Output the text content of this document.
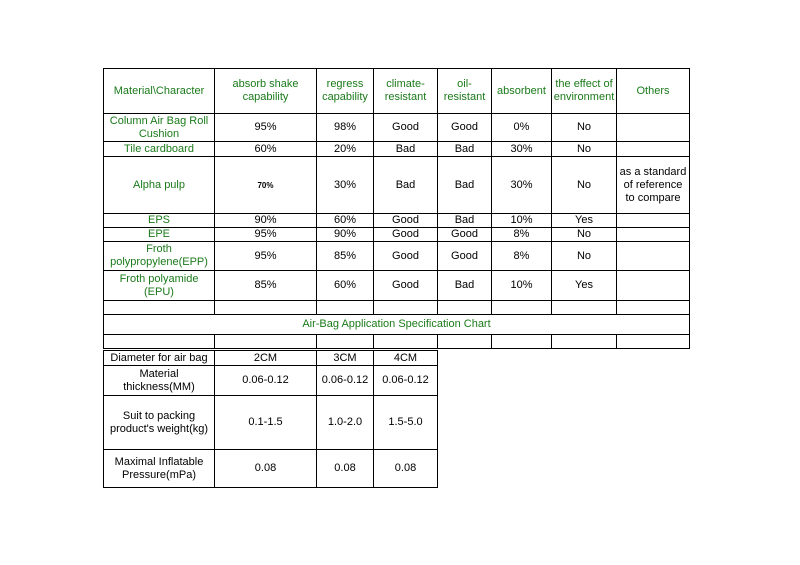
Material\Character	absorb shake capability	regress capability	climate-resistant	oil-resistant	absorbent	the effect of environment	Others
Column Air Bag Roll Cushion	95%	98%	Good	Good	0%	No	
Tile cardboard	60%	20%	Bad	Bad	30%	No	
Alpha pulp	70%	30%	Bad	Bad	30%	No	as a standard of reference to compare
EPS	90%	60%	Good	Bad	10%	Yes	
EPE	95%	90%	Good	Good	8%	No	
Froth polypropylene(EPP)	95%	85%	Good	Good	8%	No	
Froth polyamide (EPU)	85%	60%	Good	Bad	10%	Yes	

Air-Bag Application Specification Chart							

Diameter for air bag	2CM	3CM	4CM
Material thickness(MM)	0.06-0.12	0.06-0.12	0.06-0.12
Suit to packing product's weight(kg)	0.1-1.5	1.0-2.0	1.5-5.0
Maximal Inflatable Pressure(mPa)	0.08	0.08	0.08
